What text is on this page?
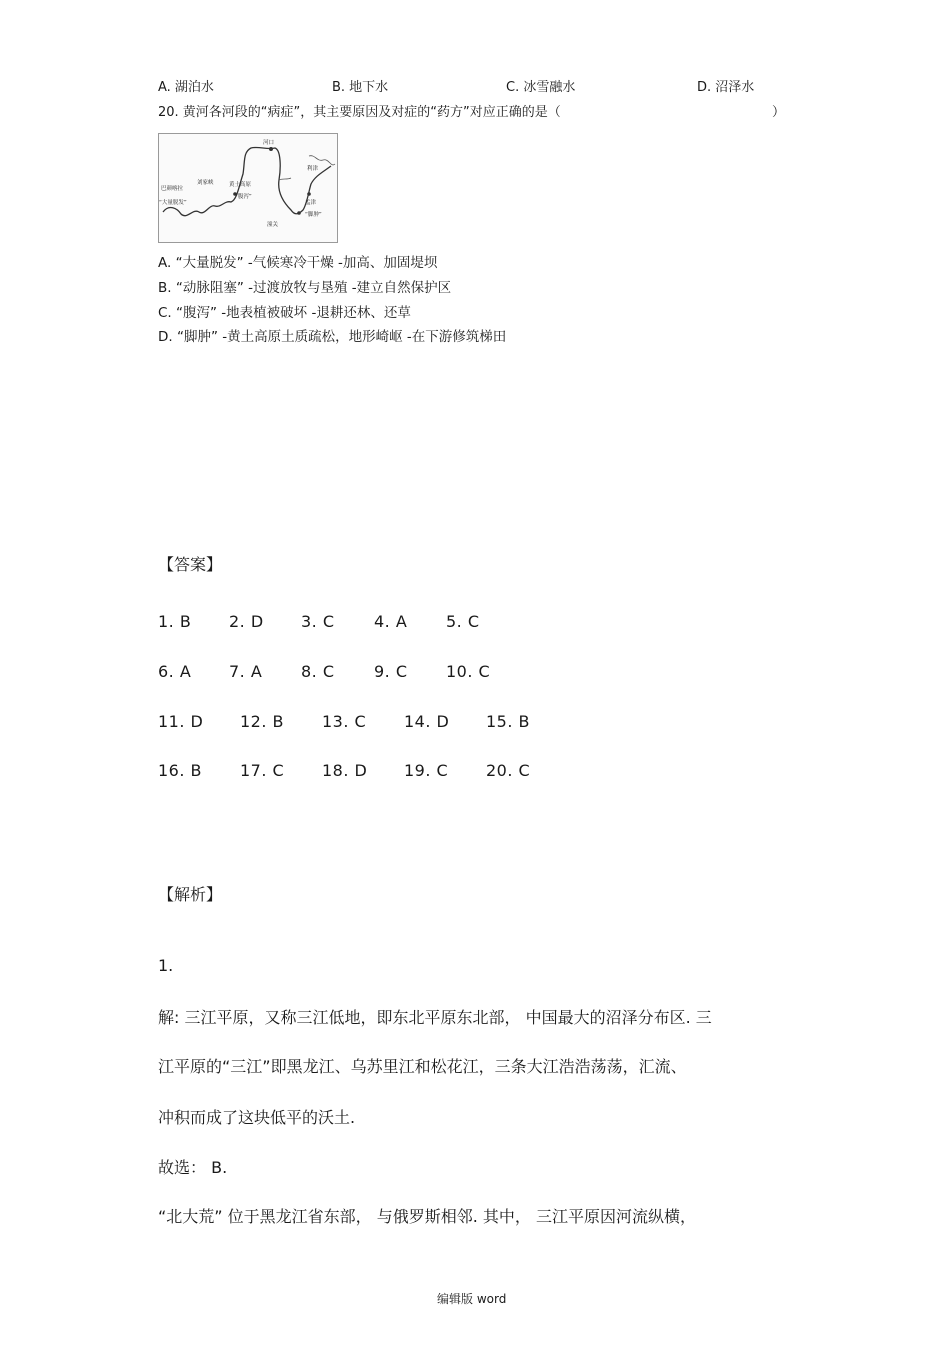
A. 湖泊水	B. 地下水	C. 冰雪融水	D. 沼泽水
20. 黄河各河段的“病症”，其主要原因及对症的“药方”对应正确的是（	）
巴颜喀拉
“大量脱发”
刘家峡
河口
黄土高原
“腹泻”
潼关
“脚肿”
利津
孟津
A. “大量脱发” -气候寒冷干燥 -加高、加固堤坝
B. “动脉阻塞” -过渡放牧与垦殖 -建立自然保护区
C. “腹泻” -地表植被破坏 -退耕还林、还草
D. “脚肿” -黄土高原土质疏松，地形崎岖 -在下游修筑梯田
【答案】
1. B 2. D 3. C 4. A 5. C
6. A 7. A 8. C 9. C 10. C
11. D 12. B 13. C 14. D 15. B
16. B 17. C 18. D 19. C 20. C
【解析】
1.
解: 三江平原，又称三江低地，即东北平原东北部， 中国最大的沼泽分布区. 三
江平原的“三江”即黑龙江、乌苏里江和松花江，三条大江浩浩荡荡，汇流、
冲积而成了这块低平的沃土.
故选： B.
“北大荒” 位于黑龙江省东部， 与俄罗斯相邻. 其中， 三江平原因河流纵横，
编辑版 word
